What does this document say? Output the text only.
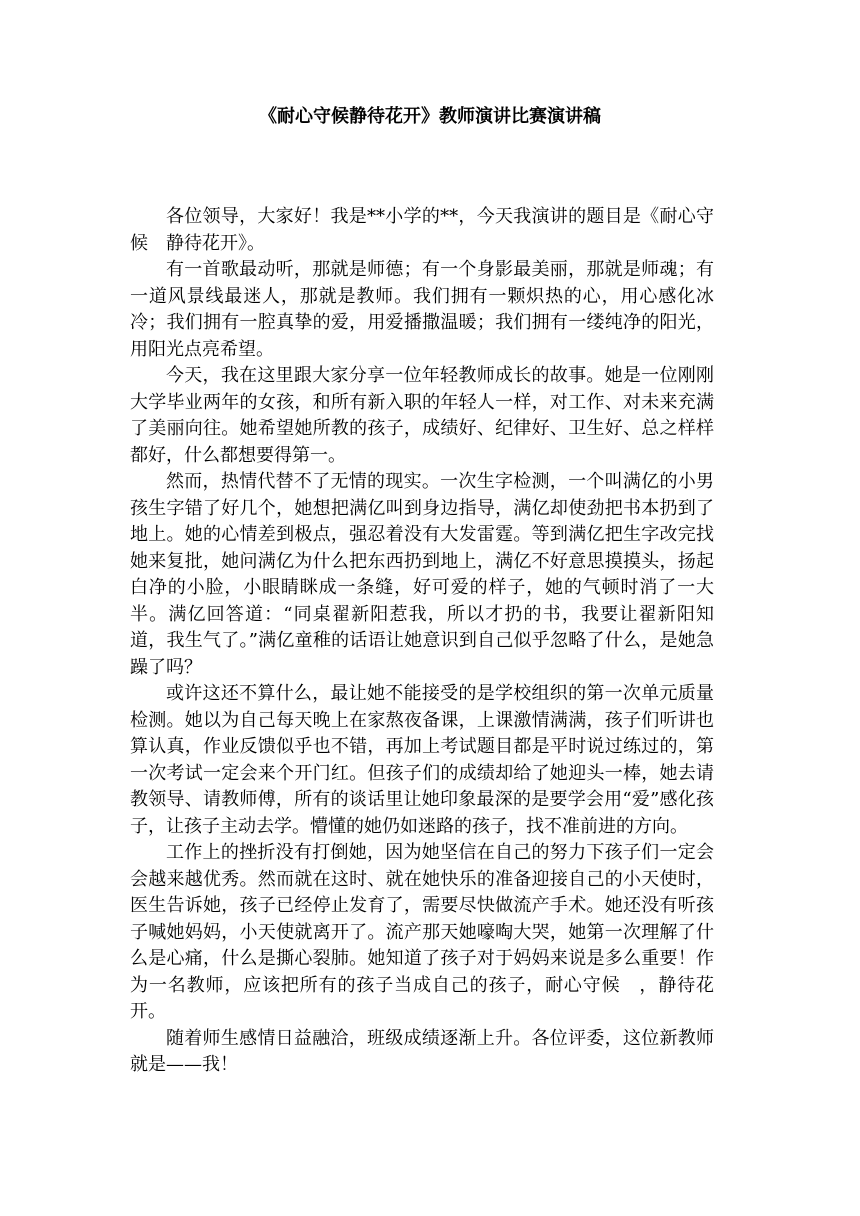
《耐心守候静待花开》教师演讲比赛演讲稿

各位领导，大家好！我是**小学的**，今天我演讲的题目是《耐心守候　静待花开》。

有一首歌最动听，那就是师德；有一个身影最美丽，那就是师魂；有一道风景线最迷人，那就是教师。我们拥有一颗炽热的心，用心感化冰冷；我们拥有一腔真挚的爱，用爱播撒温暖；我们拥有一缕纯净的阳光，用阳光点亮希望。

今天，我在这里跟大家分享一位年轻教师成长的故事。她是一位刚刚大学毕业两年的女孩，和所有新入职的年轻人一样，对工作、对未来充满了美丽向往。她希望她所教的孩子，成绩好、纪律好、卫生好、总之样样都好，什么都想要得第一。

然而，热情代替不了无情的现实。一次生字检测，一个叫满亿的小男孩生字错了好几个，她想把满亿叫到身边指导，满亿却使劲把书本扔到了地上。她的心情差到极点，强忍着没有大发雷霆。等到满亿把生字改完找她来复批，她问满亿为什么把东西扔到地上，满亿不好意思摸摸头，扬起白净的小脸，小眼睛眯成一条缝，好可爱的样子，她的气顿时消了一大半。满亿回答道：“同桌翟新阳惹我，所以才扔的书，我要让翟新阳知道，我生气了。”满亿童稚的话语让她意识到自己似乎忽略了什么，是她急躁了吗？

或许这还不算什么，最让她不能接受的是学校组织的第一次单元质量检测。她以为自己每天晚上在家熬夜备课，上课激情满满，孩子们听讲也算认真，作业反馈似乎也不错，再加上考试题目都是平时说过练过的，第一次考试一定会来个开门红。但孩子们的成绩却给了她迎头一棒，她去请教领导、请教师傅，所有的谈话里让她印象最深的是要学会用“爱”感化孩子，让孩子主动去学。懵懂的她仍如迷路的孩子，找不准前进的方向。

工作上的挫折没有打倒她，因为她坚信在自己的努力下孩子们一定会会越来越优秀。然而就在这时、就在她快乐的准备迎接自己的小天使时，医生告诉她，孩子已经停止发育了，需要尽快做流产手术。她还没有听孩子喊她妈妈，小天使就离开了。流产那天她嚎啕大哭，她第一次理解了什么是心痛，什么是撕心裂肺。她知道了孩子对于妈妈来说是多么重要！作为一名教师，应该把所有的孩子当成自己的孩子，耐心守候　，静待花开。

随着师生感情日益融洽，班级成绩逐渐上升。各位评委，这位新教师就是——我！
